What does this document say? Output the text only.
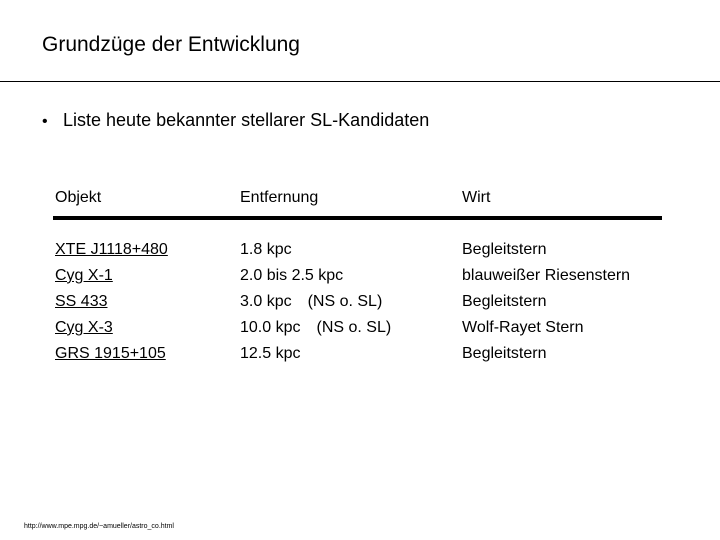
Grundzüge der Entwicklung
• Liste heute bekannter stellarer SL-Kandidaten
Objekt	Entfernung	Wirt
XTE J1118+480
Cyg X-1
SS 433
Cyg X-3
GRS 1915+105
1.8 kpc
2.0 bis 2.5 kpc
3.0 kpc (NS o. SL)
10.0 kpc (NS o. SL)
12.5 kpc
Begleitstern
blauweißer Riesenstern
Begleitstern
Wolf-Rayet Stern
Begleitstern
http://www.mpe.mpg.de/~amueller/astro_co.html
